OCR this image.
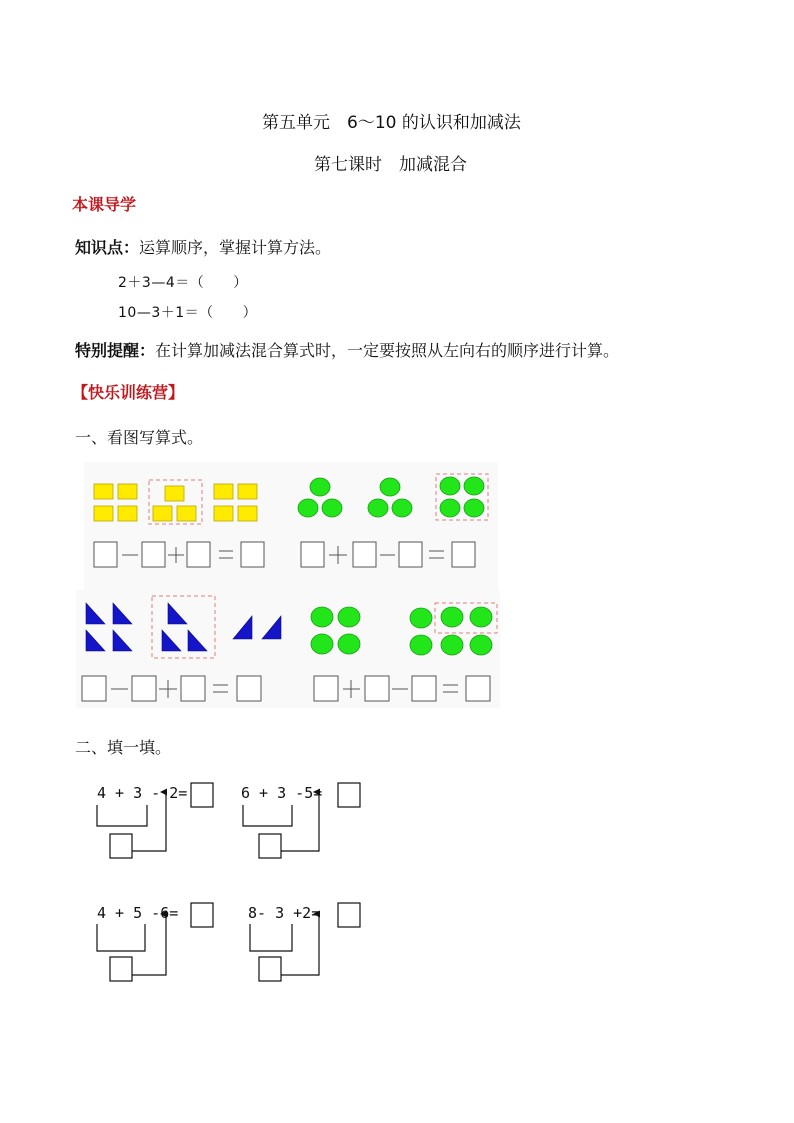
第五单元　6～10 的认识和加减法
第七课时　加减混合
本课导学
知识点：运算顺序，掌握计算方法。
2＋3—4＝（　　）
10—3＋1＝（　　）
特别提醒：在计算加减法混合算式时，一定要按照从左向右的顺序进行计算。
【快乐训练营】
一、看图写算式。
二、填一填。
4 + 3 - 2=	6 + 3 -5=
4 + 5 -6=	8- 3 +2=
